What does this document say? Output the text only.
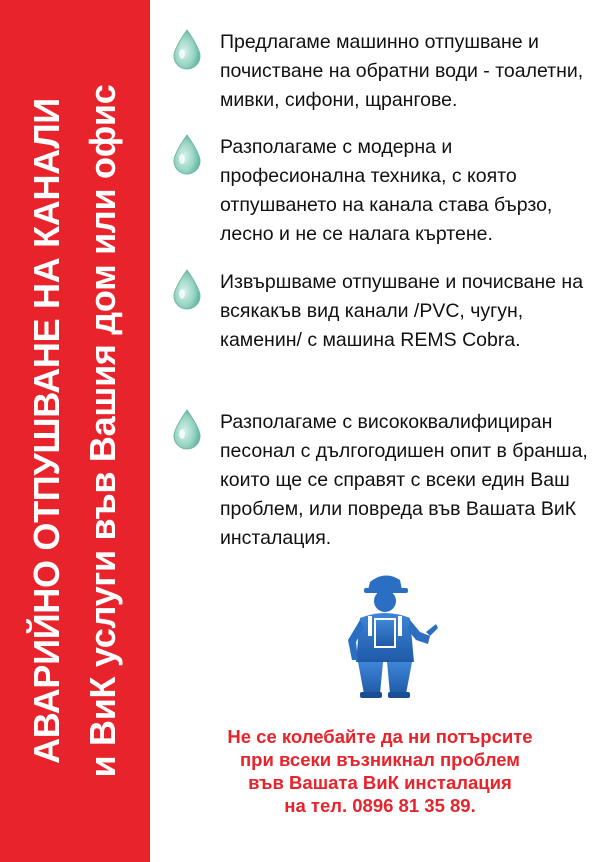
АВАРИЙНО ОТПУШВАНЕ НА КАНАЛИ и ВиК услуги във Вашия дом или офис
Предлагаме машинно отпушване и почистване на обратни води - тоалетни, мивки, сифони, щрангове.
Разполагаме с модерна и професионална техника, с която отпушването на канала става бързо, лесно и не се налага къртене.
Извършваме отпушване и почисване на всякакъв вид канали /PVC, чугун, каменин/ с машина REMS Cobra.
Разполагаме с висококвалифициран песонал с дългогодишен опит в бранша, които ще се справят с всеки един Ваш проблем, или повреда във Вашата ВиК инсталация.
Не се колебайте да ни потърсите
при всеки възникнал проблем
във Вашата ВиК инсталация
на тел. 0896 81 35 89.
